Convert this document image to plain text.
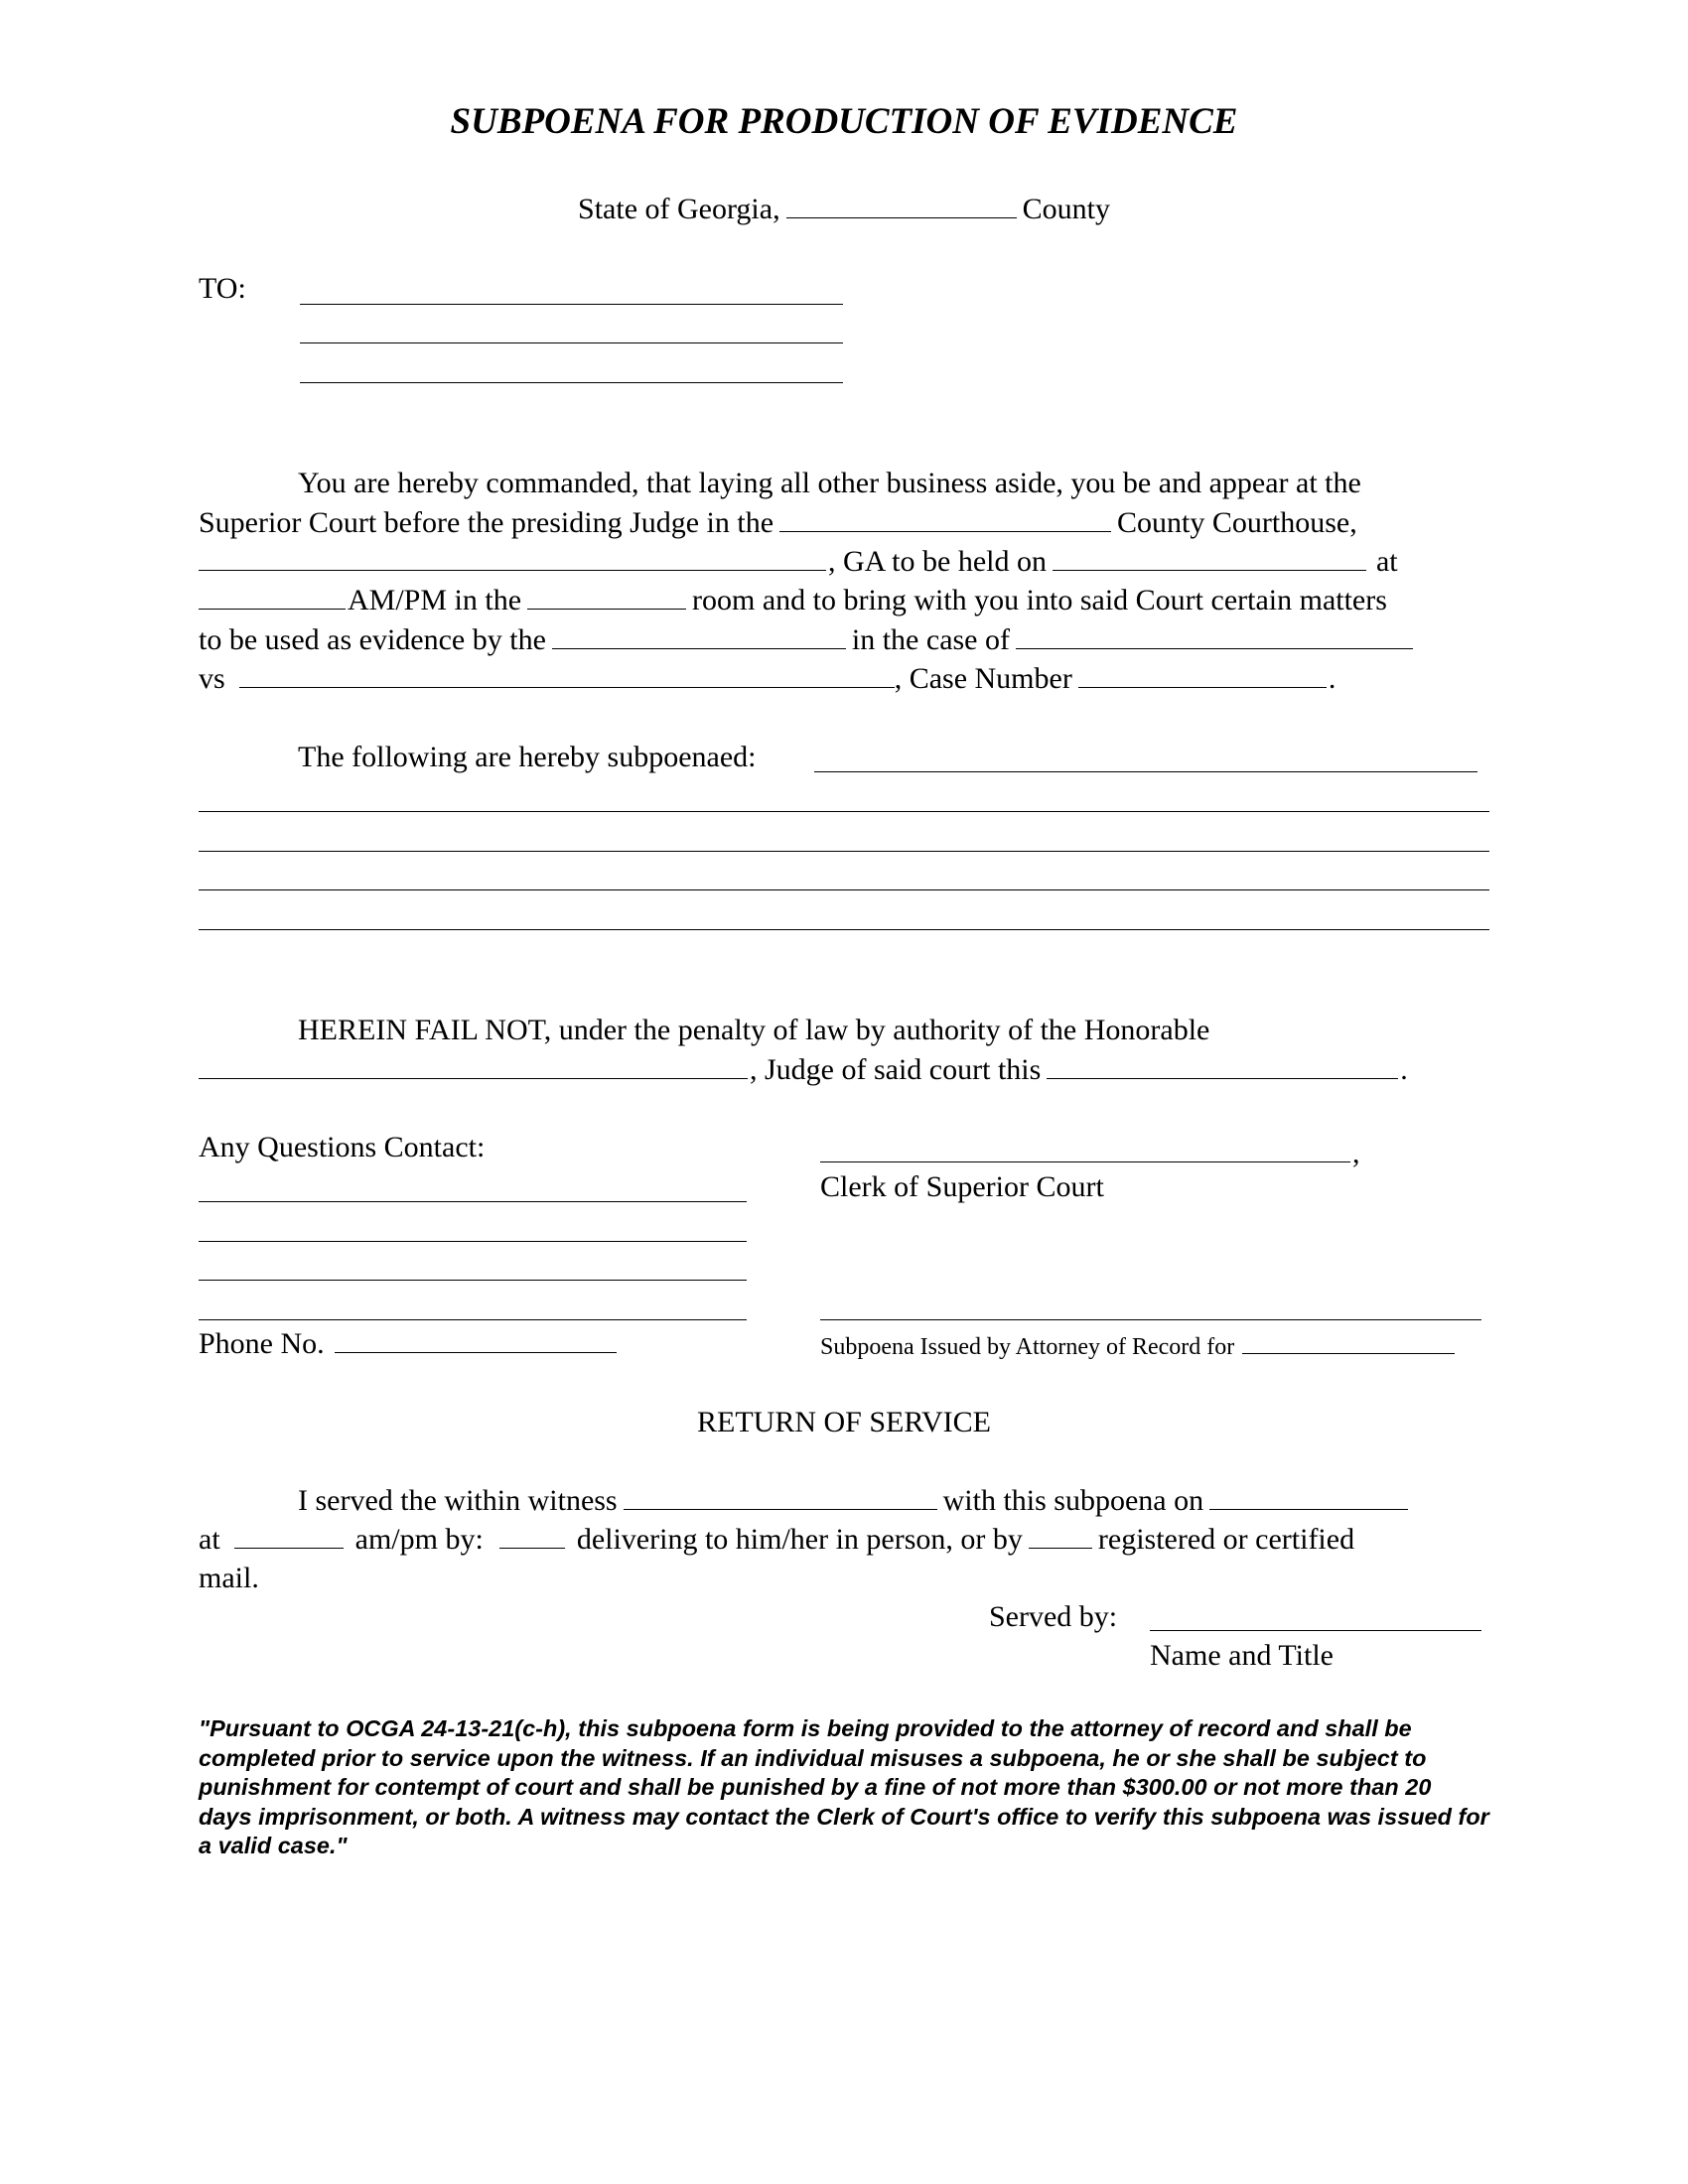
SUBPOENA FOR PRODUCTION OF EVIDENCE
State of Georgia,	County
TO:
You are hereby commanded, that laying all other business aside, you be and appear at the
Superior Court before the presiding Judge in the	County Courthouse,
, GA to be held on	at
AM/PM in the	room and to bring with you into said Court certain matters
to be used as evidence by the	in the case of
vs	, Case Number	.
The following are hereby subpoenaed:
HEREIN FAIL NOT, under the penalty of law by authority of the Honorable
, Judge of said court this	.
Any Questions Contact:	,
Clerk of Superior Court
Phone No.	Subpoena Issued by Attorney of Record for
RETURN OF SERVICE
I served the within witness	with this subpoena on
at	am/pm by:	delivering to him/her in person, or by	registered or certified
mail.
Served by:
Name and Title
"Pursuant to OCGA 24-13-21(c-h), this subpoena form is being provided to the attorney of record and shall be completed prior to service upon the witness. If an individual misuses a subpoena, he or she shall be subject to punishment for contempt of court and shall be punished by a fine of not more than $300.00 or not more than 20 days imprisonment, or both. A witness may contact the Clerk of Court's office to verify this subpoena was issued for a valid case."
